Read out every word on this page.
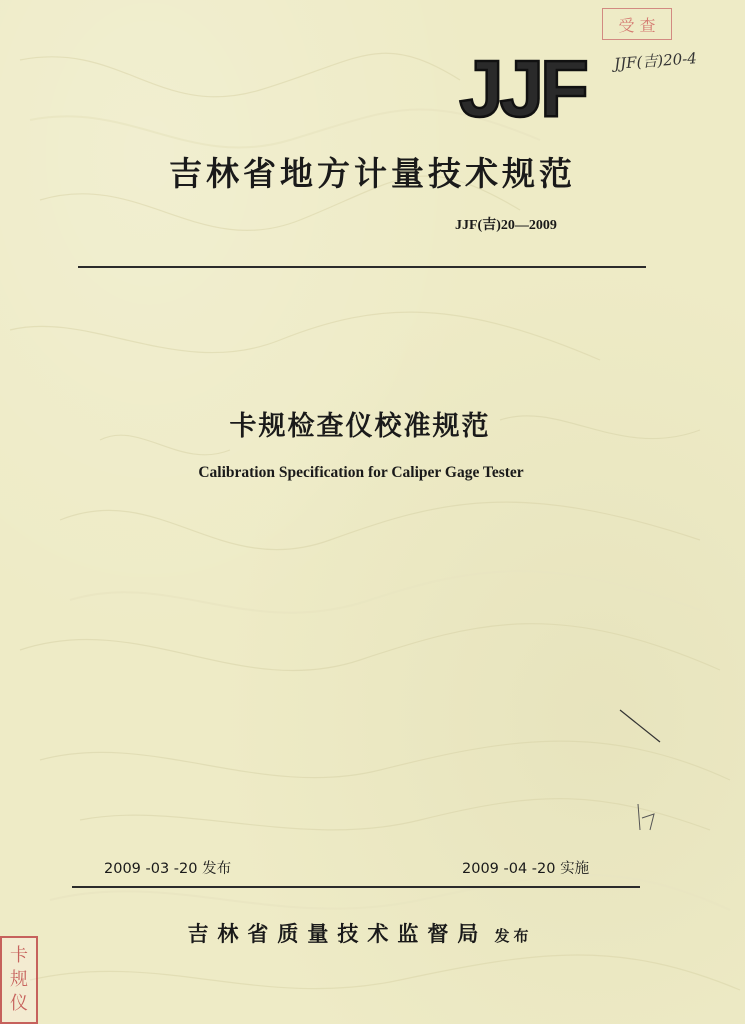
受 查
JJF(吉)20-4
JJF
吉林省地方计量技术规范
JJF(吉)20—2009
卡规检查仪校准规范
Calibration Specification for Caliper Gage Tester
2009 -03 -20 发布	2009 -04 -20 实施
吉林省质量技术监督局 发布
卡
规
仪
